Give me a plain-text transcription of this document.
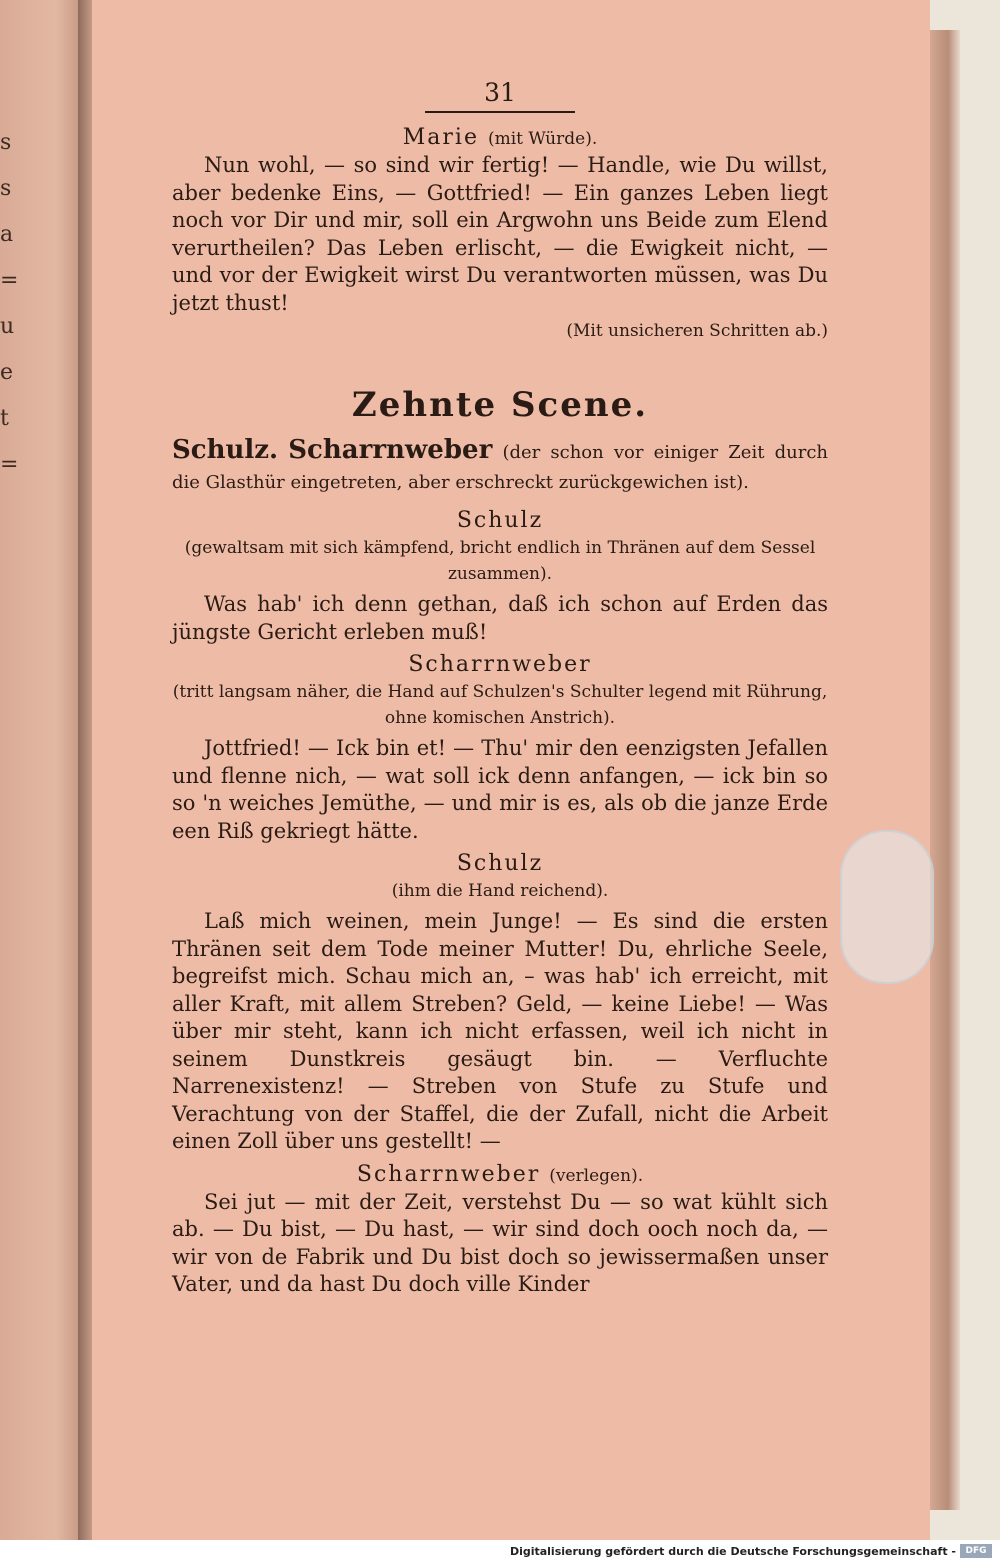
s
s
a
=
u
e
t
=
31
Marie (mit Würde).

Nun wohl, — so sind wir fertig! — Handle, wie Du willst, aber bedenke Eins, — Gottfried! — Ein ganzes Leben liegt noch vor Dir und mir, soll ein Argwohn uns Beide zum Elend verurtheilen? Das Leben erlischt, — die Ewigkeit nicht, — und vor der Ewigkeit wirst Du verantworten müssen, was Du jetzt thust!

(Mit unsicheren Schritten ab.)
Zehnte Scene.
Schulz. Scharrnweber (der schon vor einiger Zeit durch die Glasthür eingetreten, aber erschreckt zurückgewichen ist).
Schulz
(gewaltsam mit sich kämpfend, bricht endlich in Thränen auf dem Sessel zusammen).

Was hab' ich denn gethan, daß ich schon auf Erden das jüngste Gericht erleben muß!

Scharrnweber
(tritt langsam näher, die Hand auf Schulzen's Schulter legend mit Rührung, ohne komischen Anstrich).

Jottfried! — Ick bin et! — Thu' mir den eenzigsten Jefallen und flenne nich, — wat soll ick denn anfangen, — ick bin so so 'n weiches Jemüthe, — und mir is es, als ob die janze Erde een Riß gekriegt hätte.

Schulz
(ihm die Hand reichend).

Laß mich weinen, mein Junge! — Es sind die ersten Thränen seit dem Tode meiner Mutter! Du, ehrliche Seele, begreifst mich. Schau mich an, – was hab' ich erreicht, mit aller Kraft, mit allem Streben? Geld, — keine Liebe! — Was über mir steht, kann ich nicht erfassen, weil ich nicht in seinem Dunstkreis gesäugt bin. — Verfluchte Narrenexistenz! — Streben von Stufe zu Stufe und Verachtung von der Staffel, die der Zufall, nicht die Arbeit einen Zoll über uns gestellt! —

Scharrnweber (verlegen).

Sei jut — mit der Zeit, verstehst Du — so wat kühlt sich ab. — Du bist, — Du hast, — wir sind doch ooch noch da, — wir von de Fabrik und Du bist doch so jewissermaßen unser Vater, und da hast Du doch ville Kinder

Digitalisierung gefördert durch die Deutsche Forschungsgemeinschaft -	DFG
